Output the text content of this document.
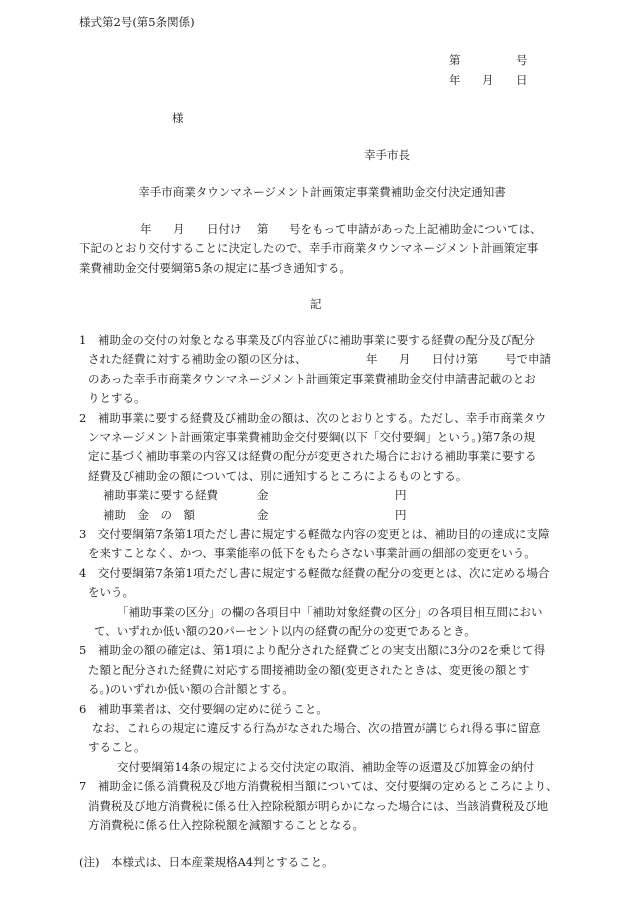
様式第2号(第5条関係)
第	号
年 月 日
様
幸手市長
幸手市商業タウンマネージメント計画策定事業費補助金交付決定通知書
年 月 日付け 第 号をもって申請があった上記補助金については、
下記のとおり交付することに決定したので、幸手市商業タウンマネージメント計画策定事
業費補助金交付要綱第5条の規定に基づき通知する。
記
1　補助金の交付の対象となる事業及び内容並びに補助事業に要する経費の配分及び配分
された経費に対する補助金の額の区分は、	年 月 日付け第 号で申請
のあった幸手市商業タウンマネージメント計画策定事業費補助金交付申請書記載のとお
りとする。
2　補助事業に要する経費及び補助金の額は、次のとおりとする。ただし、幸手市商業タウ
ンマネージメント計画策定事業費補助金交付要綱(以下「交付要綱」という。)第7条の規
定に基づく補助事業の内容又は経費の配分が変更された場合における補助事業に要する
経費及び補助金の額については、別に通知するところによるものとする。
補助事業に要する経費	金	円
補助　金　の　額	金	円
3　交付要綱第7条第1項ただし書に規定する軽微な内容の変更とは、補助目的の達成に支障
を来すことなく、かつ、事業能率の低下をもたらさない事業計画の細部の変更をいう。
4　交付要綱第7条第1項ただし書に規定する軽微な経費の配分の変更とは、次に定める場合
をいう。
「補助事業の区分」の欄の各項目中「補助対象経費の区分」の各項目相互間におい
て、いずれか低い額の20パーセント以内の経費の配分の変更であるとき。
5　補助金の額の確定は、第1項により配分された経費ごとの実支出額に3分の2を乗じて得
た額と配分された経費に対応する間接補助金の額(変更されたときは、変更後の額とす
る。)のいずれか低い額の合計額とする。
6　補助事業者は、交付要綱の定めに従うこと。
なお、これらの規定に違反する行為がなされた場合、次の措置が講じられ得る事に留意
すること。
交付要綱第14条の規定による交付決定の取消、補助金等の返還及び加算金の納付
7　補助金に係る消費税及び地方消費税相当額については、交付要綱の定めるところにより、
消費税及び地方消費税に係る仕入控除税額が明らかになった場合には、当該消費税及び地
方消費税に係る仕入控除税額を減額することとなる。
(注)　本様式は、日本産業規格A4判とすること。
